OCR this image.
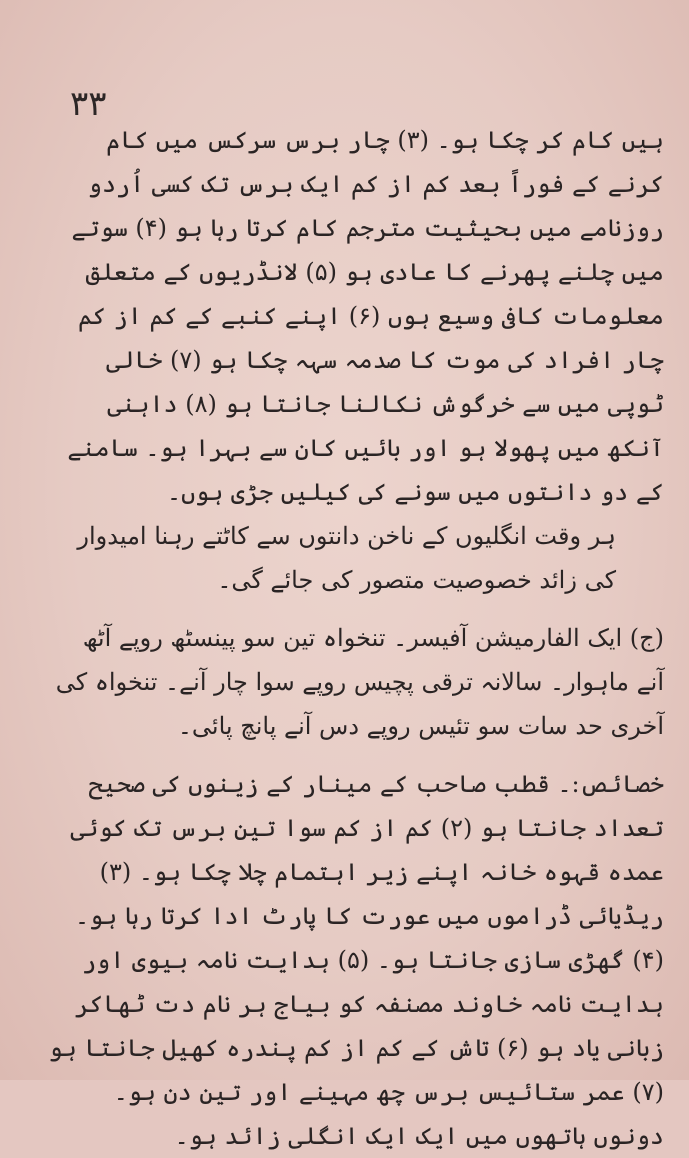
۳۳

ہیں کام کر چکا ہو۔ (۳) چار برس سرکس میں کام کرنے کے فوراً بعد کم از کم ایک برس تک کسی اُردو روزنامے میں بحیثیت مترجم کام کرتا رہا ہو (۴) سوتے میں چلنے پھرنے کا عادی ہو (۵) لانڈریوں کے متعلق معلومات کافی وسیع ہوں (۶) اپنے کنبے کے کم از کم چار افراد کی موت کا صدمہ سہہ چکا ہو (۷) خالی ٹوپی میں سے خرگوش نکالنا جانتا ہو (۸) داہنی آنکھ میں پھولا ہو اور بائیں کان سے بہرا ہو۔ سامنے کے دو دانتوں میں سونے کی کیلیں جڑی ہوں۔

ہر وقت انگلیوں کے ناخن دانتوں سے کاٹتے رہنا امیدوار کی زائد خصوصیت متصور کی جائے گی۔

(ج) ایک الفارمیشن آفیسر۔ تنخواہ تین سو پینسٹھ روپے آٹھ آنے ماہوار۔ سالانہ ترقی پچیس روپے سوا چار آنے۔ تنخواہ کی آخری حد سات سو تئیس روپے دس آنے پانچ پائی۔

خصائص:۔ قطب صاحب کے مینار کے زینوں کی صحیح تعداد جانتا ہو (۲) کم از کم سوا تین برس تک کوئی عمدہ قہوہ خانہ اپنے زیر اہتمام چلا چکا ہو۔ (۳) ریڈیائی ڈراموں میں عورت کا پارٹ ادا کرتا رہا ہو۔ (۴) گھڑی سازی جانتا ہو۔ (۵) ہدایت نامہ بیوی اور ہدایت نامہ خاوند مصنفہ کو بیاج ہر نام دت ٹھاکر زبانی یاد ہو (۶) تاش کے کم از کم پندرہ کھیل جانتا ہو (۷) عمر ستائیس برس چھ مہینے اور تین دن ہو۔ دونوں ہاتھوں میں ایک ایک انگلی زائد ہو۔
